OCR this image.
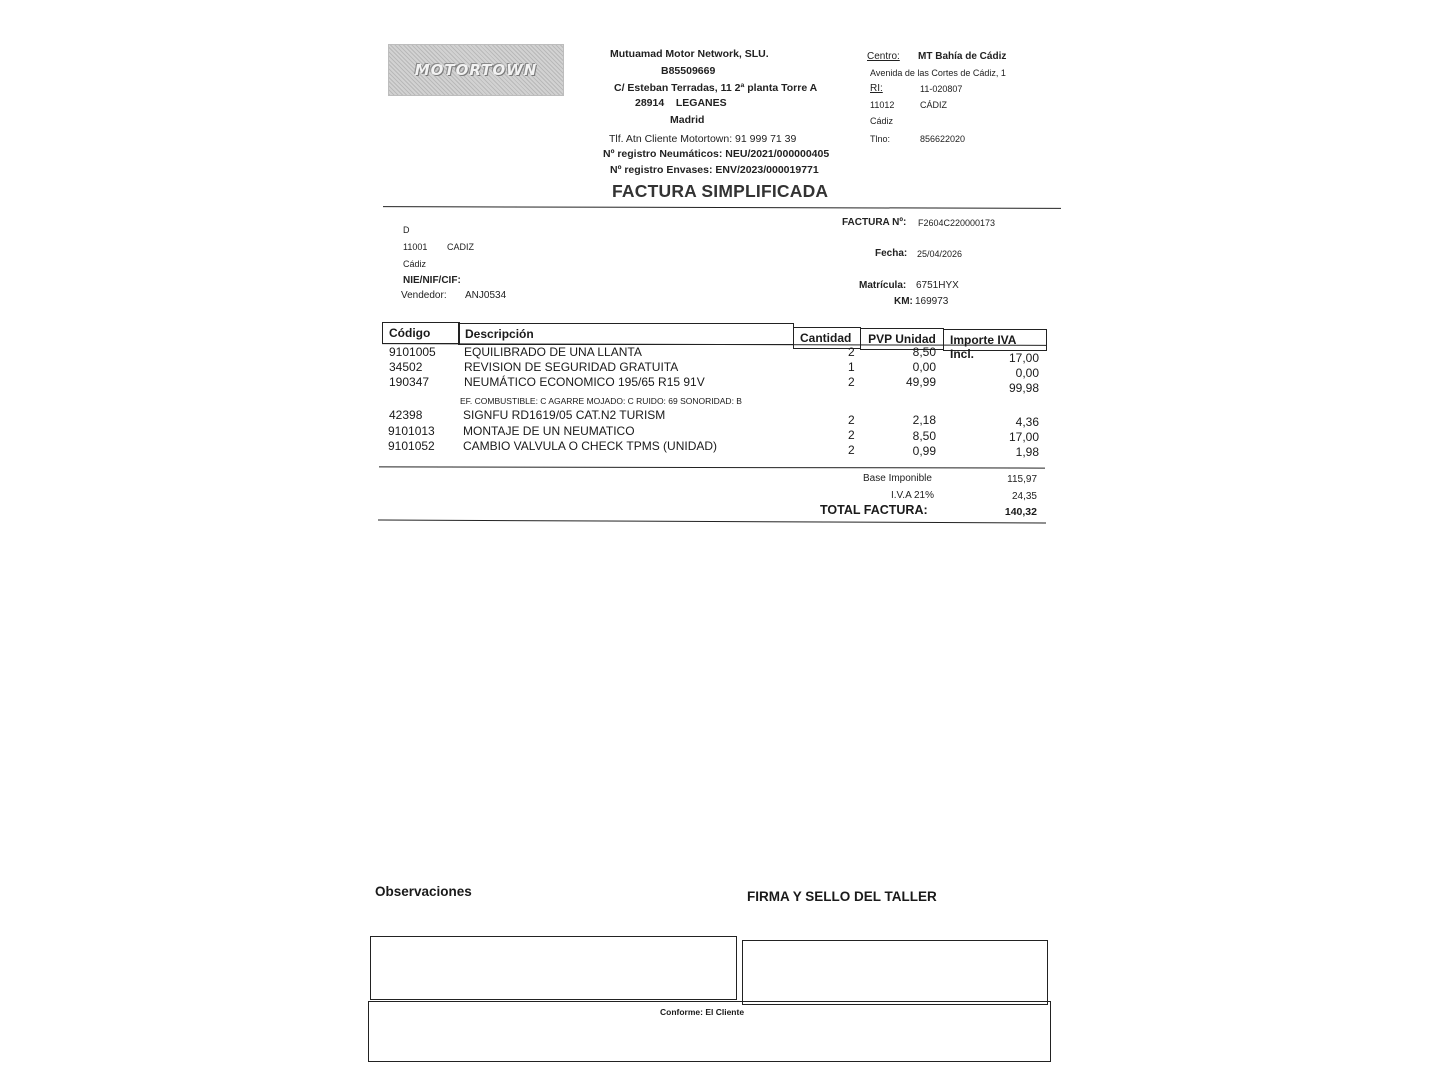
MOTORTOWN
Mutuamad Motor Network, SLU.
B85509669
C/ Esteban Terradas, 11 2ª planta Torre A
28914    LEGANES
Madrid
Tlf. Atn Cliente Motortown: 91 999 71 39
Nº registro Neumáticos: NEU/2021/000000405
Nº registro Envases: ENV/2023/000019771
Centro: MT Bahía de Cádiz
Avenida de las Cortes de Cádiz, 1
RI:	11-020807
11012	CÁDIZ
Cádiz
Tlno:	856622020
FACTURA SIMPLIFICADA
D
11001 CADIZ
Cádiz
NIE/NIF/CIF:
Vendedor: ANJ0534
FACTURA Nº: F2604C220000173
Fecha: 25/04/2026
Matrícula: 6751HYX
KM: 169973
Código	Descripción	Cantidad	PVP Unidad	Importe IVA Incl.
9101005 EQUILIBRADO DE UNA LLANTA	2	8,50	17,00
34502	REVISION DE SEGURIDAD GRATUITA	1	0,00	0,00
190347	NEUMÁTICO ECONOMICO 195/65 R15 91V	2	49,99	99,98
EF. COMBUSTIBLE: C AGARRE MOJADO: C RUIDO: 69 SONORIDAD: B
42398	SIGNFU RD1619/05 CAT.N2 TURISM	2	2,18	4,36
9101013 MONTAJE DE UN NEUMATICO	2	8,50	17,00
9101052 CAMBIO VALVULA O CHECK TPMS (UNIDAD)	2	0,99	1,98
Base Imponible	115,97
I.V.A 21%	24,35
TOTAL FACTURA:	140,32
Observaciones	FIRMA Y SELLO DEL TALLER
Conforme: El Cliente
